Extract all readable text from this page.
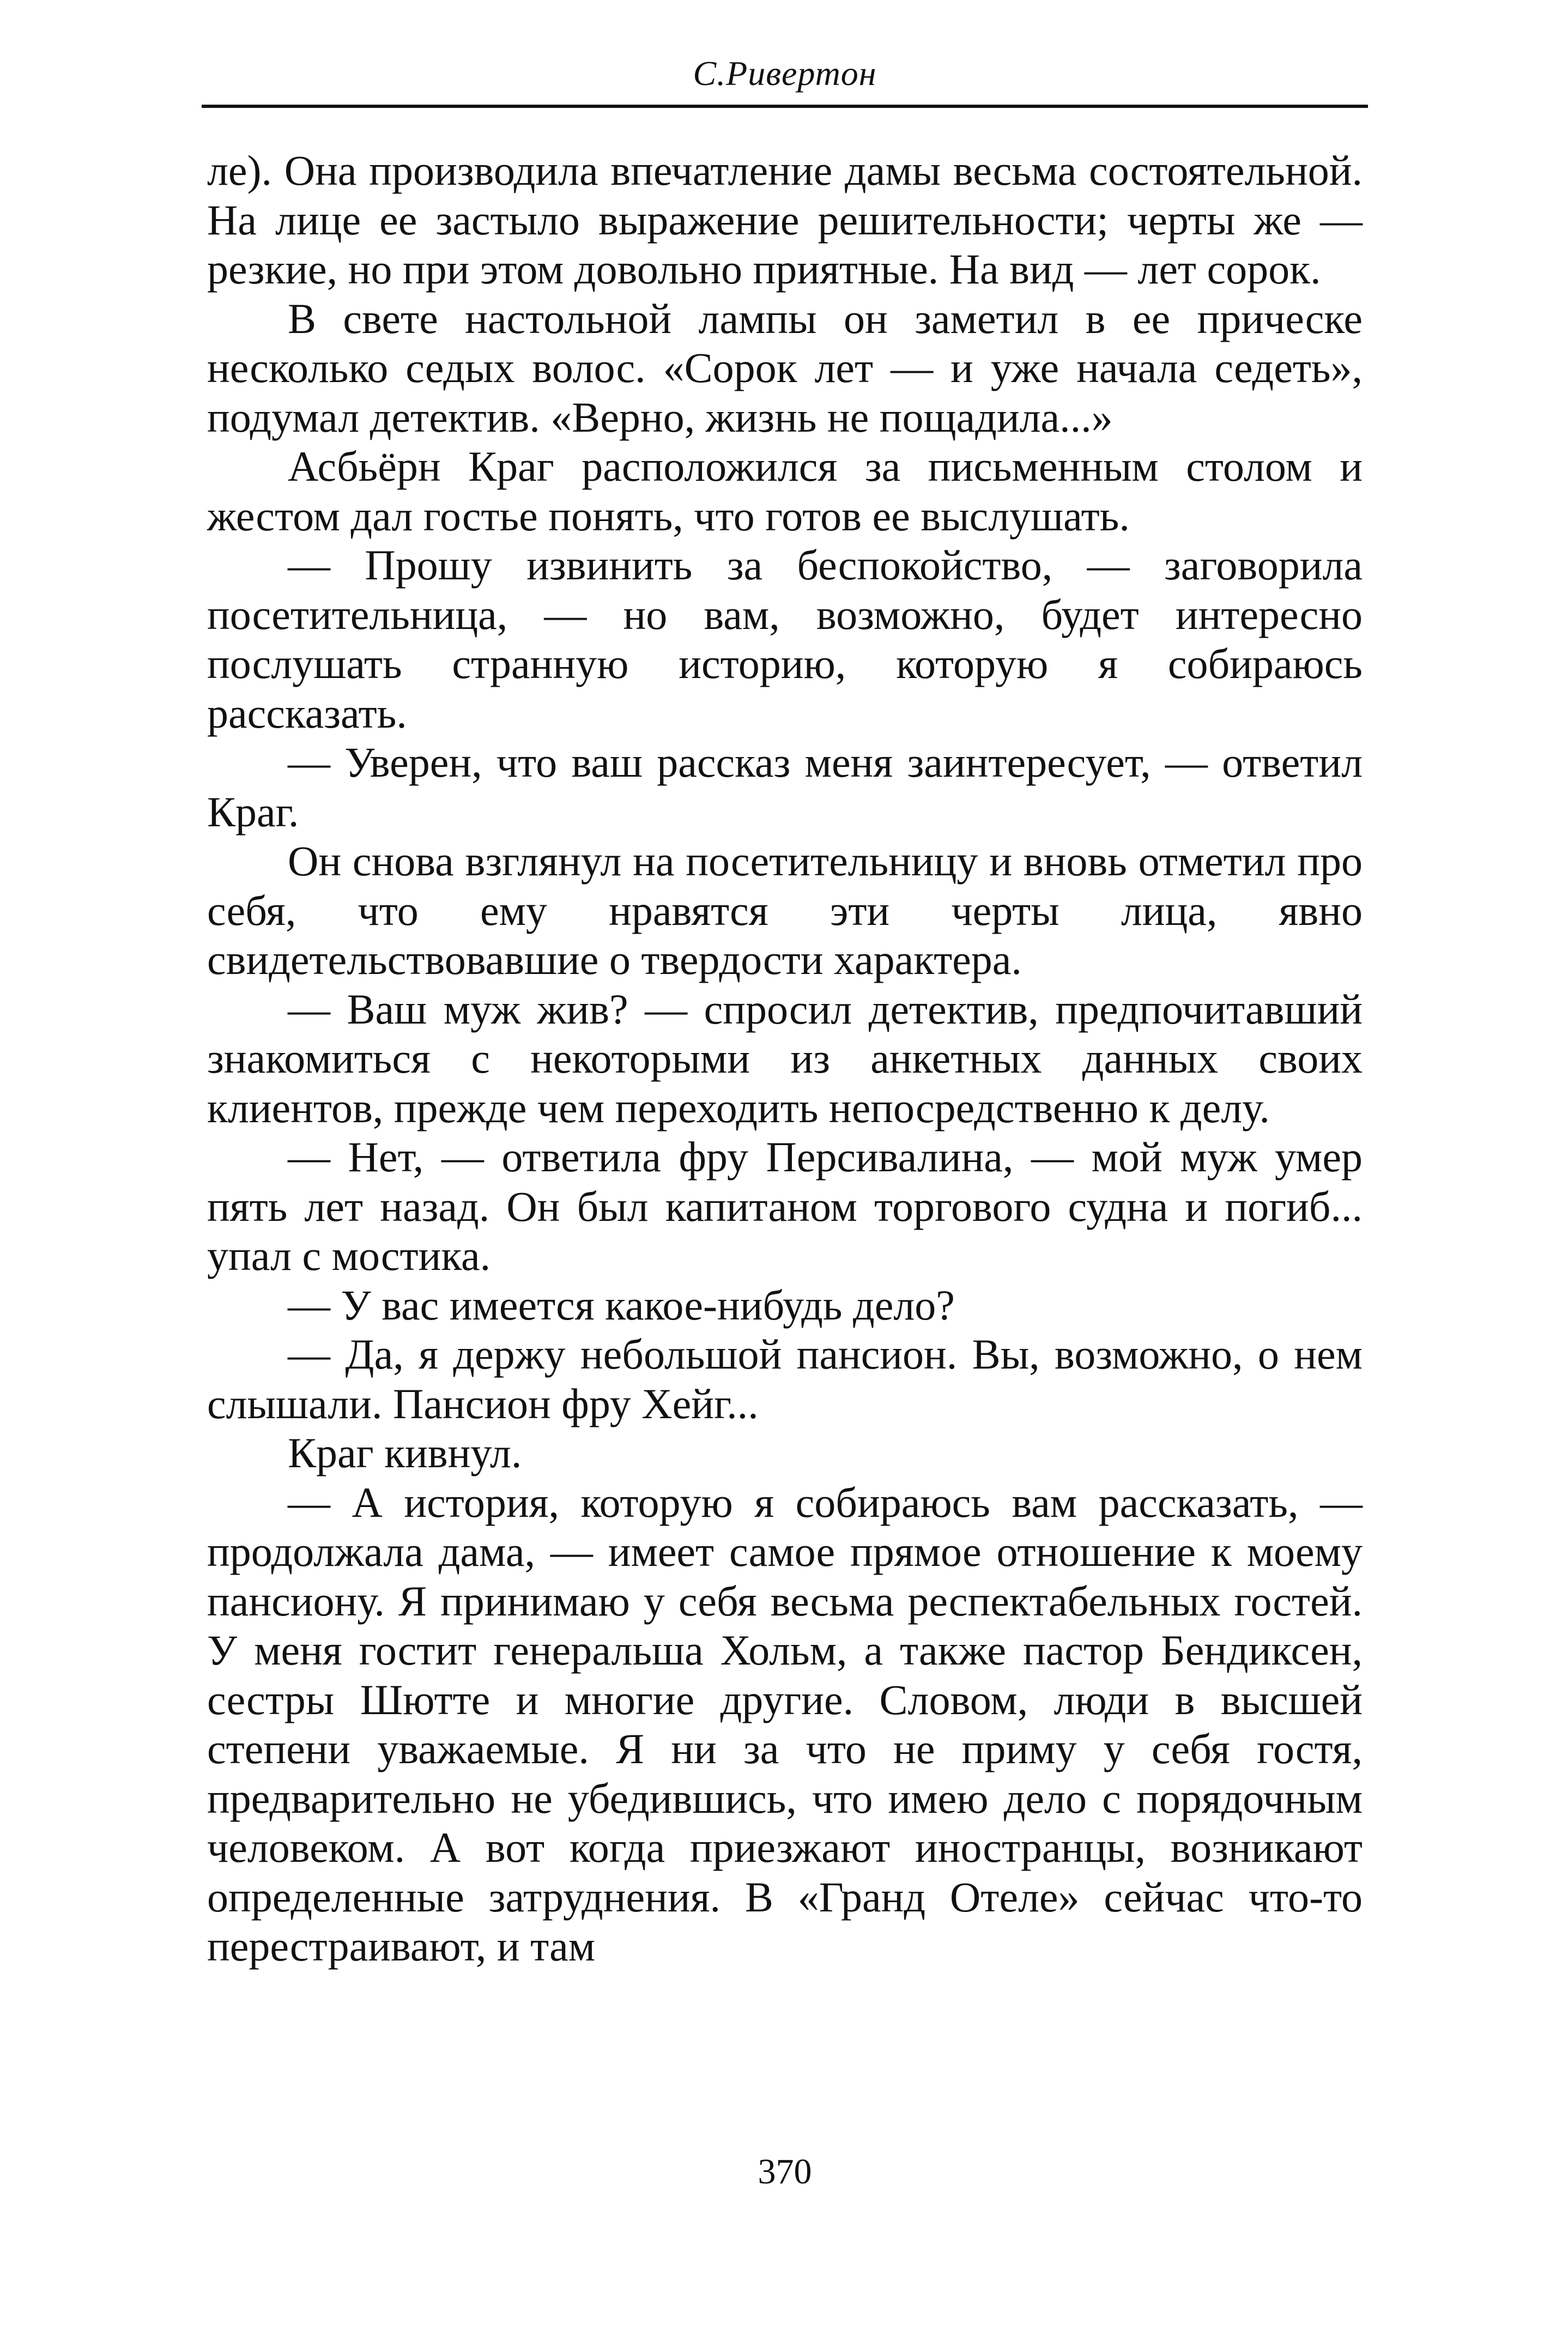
С.Ривертон

ле). Она производила впечатление дамы весьма состоятельной. На лице ее застыло выражение решительности; черты же — резкие, но при этом довольно приятные. На вид — лет сорок.

В свете настольной лампы он заметил в ее прическе несколько седых волос. «Сорок лет — и уже начала седеть», подумал детектив. «Верно, жизнь не пощадила...»

Асбьёрн Краг расположился за письменным столом и жестом дал гостье понять, что готов ее выслушать.

— Прошу извинить за беспокойство, — заговорила посетительница, — но вам, возможно, будет интересно послушать странную историю, которую я собираюсь рассказать.

— Уверен, что ваш рассказ меня заинтересует, — ответил Краг.

Он снова взглянул на посетительницу и вновь отметил про себя, что ему нравятся эти черты лица, явно свидетельствовавшие о твердости характера.

— Ваш муж жив? — спросил детектив, предпочитавший знакомиться с некоторыми из анкетных данных своих клиентов, прежде чем переходить непосредственно к делу.

— Нет, — ответила фру Персивалина, — мой муж умер пять лет назад. Он был капитаном торгового судна и погиб... упал с мостика.

— У вас имеется какое-нибудь дело?

— Да, я держу небольшой пансион. Вы, возможно, о нем слышали. Пансион фру Хейг...

Краг кивнул.

— А история, которую я собираюсь вам рассказать, — продолжала дама, — имеет самое прямое отношение к моему пансиону. Я принимаю у себя весьма респектабельных гостей. У меня гостит генеральша Хольм, а также пастор Бендиксен, сестры Шютте и многие другие. Словом, люди в высшей степени уважаемые. Я ни за что не приму у себя гостя, предварительно не убедившись, что имею дело с порядочным человеком. А вот когда приезжают иностранцы, возникают определенные затруднения. В «Гранд Отеле» сейчас что-то перестраивают, и там

370
